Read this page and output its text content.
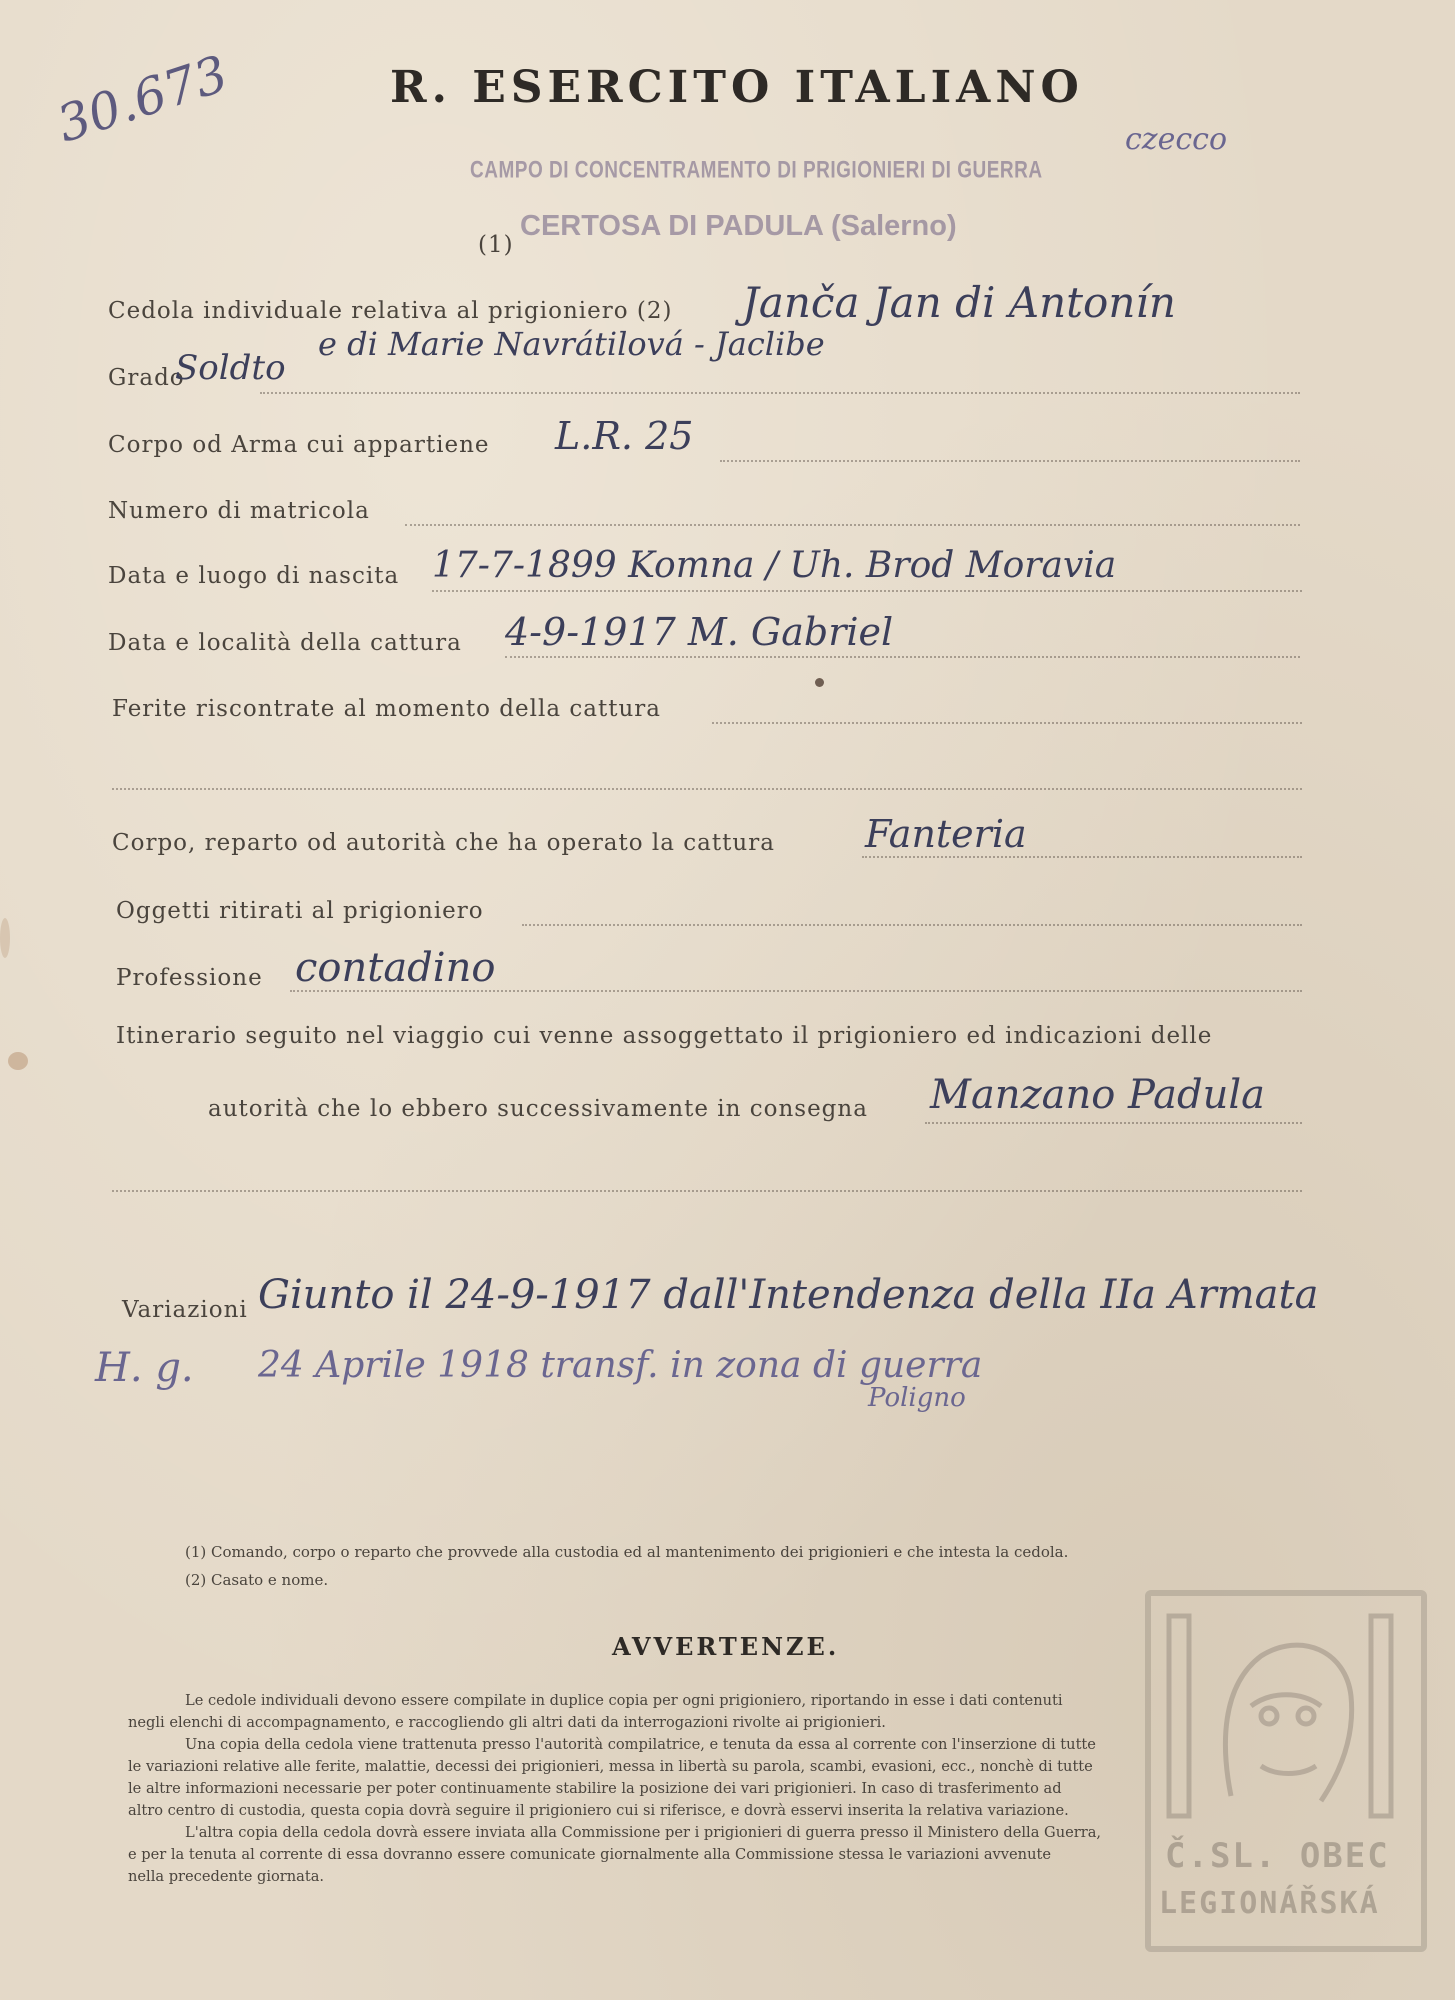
30.673	R. ESERCITO ITALIANO
czecco
CAMPO DI CONCENTRAMENTO DI PRIGIONIERI DI GUERRA
CERTOSA DI PADULA (Salerno)
(1)
Cedola individuale relativa al prigioniero (2) Janča Jan di Antonín
Grado
Soldto
e di Marie Navrátilová - Jaclibe
Corpo od Arma cui appartiene L.R. 25
Numero di matricola
Data e luogo di nascita 17-7-1899 Komna / Uh. Brod Moravia
Data e località della cattura 4-9-1917 M. Gabriel
Ferite riscontrate al momento della cattura
Corpo, reparto od autorità che ha operato la cattura Fanteria
Oggetti ritirati al prigioniero
Professione contadino
Itinerario seguito nel viaggio cui venne assoggettato il prigioniero ed indicazioni delle
autorità che lo ebbero successivamente in consegna Manzano Padula
Variazioni Giunto il 24-9-1917 dall'Intendenza della IIa Armata
H. g. 24 Aprile 1918 transf. in zona di guerra
Poligno
(1) Comando, corpo o reparto che provvede alla custodia ed al mantenimento dei prigionieri e che intesta la cedola.
(2) Casato e nome.
AVVERTENZE.
Le cedole individuali devono essere compilate in duplice copia per ogni prigioniero, riportando in esse i dati contenuti
negli elenchi di accompagnamento, e raccogliendo gli altri dati da interrogazioni rivolte ai prigionieri.
Una copia della cedola viene trattenuta presso l'autorità compilatrice, e tenuta da essa al corrente con l'inserzione di tutte
le variazioni relative alle ferite, malattie, decessi dei prigionieri, messa in libertà su parola, scambi, evasioni, ecc., nonchè di tutte
le altre informazioni necessarie per poter continuamente stabilire la posizione dei vari prigionieri. In caso di trasferimento ad
altro centro di custodia, questa copia dovrà seguire il prigioniero cui si riferisce, e dovrà esservi inserita la relativa variazione.
L'altra copia della cedola dovrà essere inviata alla Commissione per i prigionieri di guerra presso il Ministero della Guerra,
e per la tenuta al corrente di essa dovranno essere comunicate giornalmente alla Commissione stessa le variazioni avvenute
nella precedente giornata.
Č.SL. OBEC
LEGIONÁŘSKÁ
